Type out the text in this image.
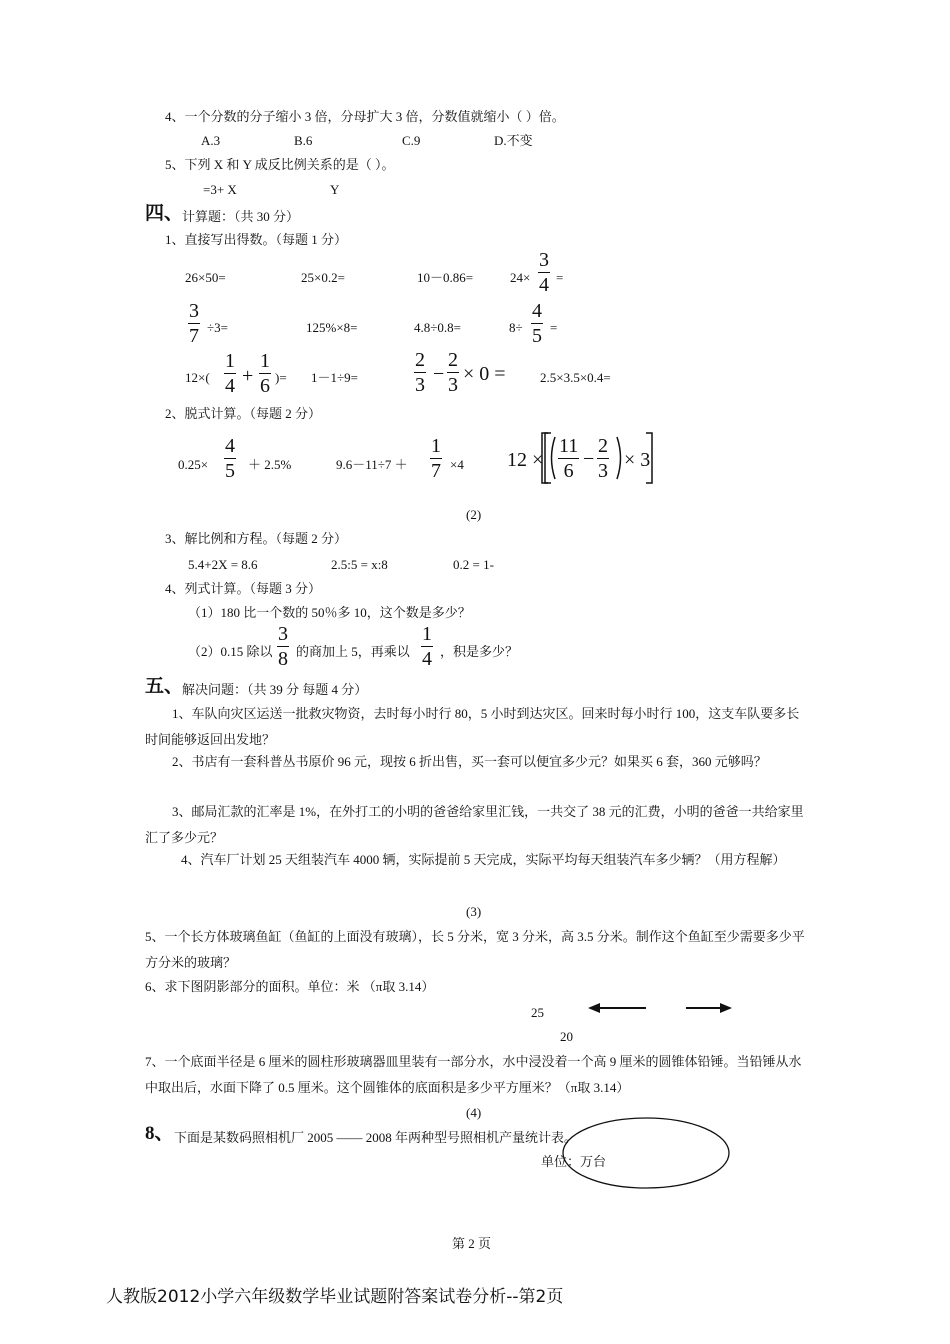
4、一个分数的分子缩小 3 倍，分母扩大 3 倍，分数值就缩小（ ）倍。
A.3	B.6	C.9	D.不变
5、下列 X 和 Y 成反比例关系的是（ ）。
=3+ X	Y
四、
计算题：（共 30 分）
1、直接写出得数。（每题 1 分）
26×50=	25×0.2=	10－0.86=	24×
3
4 =
3
7 ÷3=	125%×8=	4.8÷0.8=	8÷
4
5 =
12×(
1
4 +
1
6 )= 1－1÷9=
2
3 −
2
3 × 0 =	2.5×3.5×0.4=
2、脱式计算。（每题 2 分）
0.25×
4
5 ＋ 2.5%	9.6－11÷7 ＋
1
7 ×4 12 ×
11
6
−
2
3 × 3
(2)
3、解比例和方程。（每题 2 分）
5.4+2X = 8.6	2.5:5 = x:8	0.2 = 1-
4、列式计算。（每题 3 分）
（1）180 比一个数的 50％多 10，这个数是多少？
（2）0.15 除以
3
8 的商加上 5，再乘以
1
4 ，积是多少？
五、
解决问题：（共 39 分 每题 4 分）
1、车队向灾区运送一批救灾物资，去时每小时行 80，5 小时到达灾区。回来时每小时行 100，这支车队要多长时间能够返回出发地？
2、书店有一套科普丛书原价 96 元，现按 6 折出售，买一套可以便宜多少元？如果买 6 套，360 元够吗？
3、邮局汇款的汇率是 1%，在外打工的小明的爸爸给家里汇钱，一共交了 38 元的汇费，小明的爸爸一共给家里汇了多少元？
4、汽车厂计划 25 天组装汽车 4000 辆，实际提前 5 天完成，实际平均每天组装汽车多少辆？（用方程解）
(3)
5、一个长方体玻璃鱼缸（鱼缸的上面没有玻璃），长 5 分米，宽 3 分米，高 3.5 分米。制作这个鱼缸至少需要多少平方分米的玻璃？
6、求下图阴影部分的面积。单位：米 （π取 3.14）
25
20
7、一个底面半径是 6 厘米的圆柱形玻璃器皿里装有一部分水，水中浸没着一个高 9 厘米的圆锥体铅锤。当铅锤从水中取出后，水面下降了 0.5 厘米。这个圆锥体的底面积是多少平方厘米？（π取 3.14）
(4)
8、 下面是某数码照相机厂 2005 —— 2008 年两种型号照相机产量统计表。
单位：万台
第 2 页
人教版2012小学六年级数学毕业试题附答案试卷分析--第2页
